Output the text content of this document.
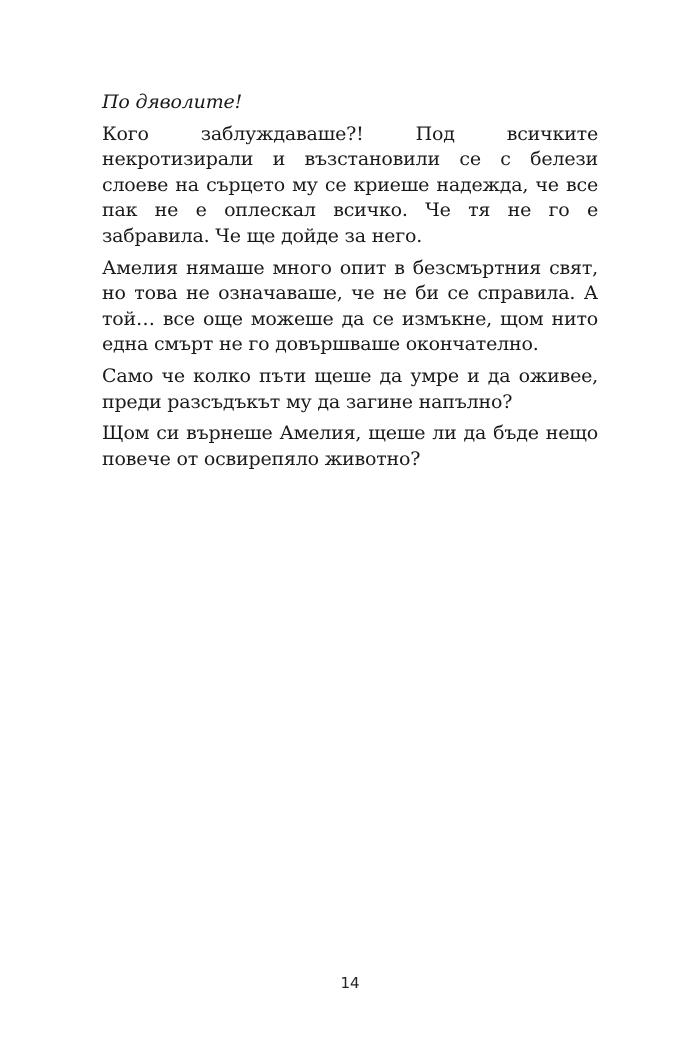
По дяволите!

Кого заблуждаваше?! Под всичките некротизирали и възстановили се с белези слоеве на сърцето му се криеше надежда, че все пак не е оплескал всичко. Че тя не го е забравила. Че ще дойде за него.

Амелия нямаше много опит в безсмъртния свят, но това не означаваше, че не би се справила. А той… все още можеше да се измъкне, щом нито една смърт не го довършваше окончателно.

Само че колко пъти щеше да умре и да оживее, преди разсъдъкът му да загине напълно?

Щом си върнеше Амелия, щеше ли да бъде нещо повече от освирепяло животно?

14
